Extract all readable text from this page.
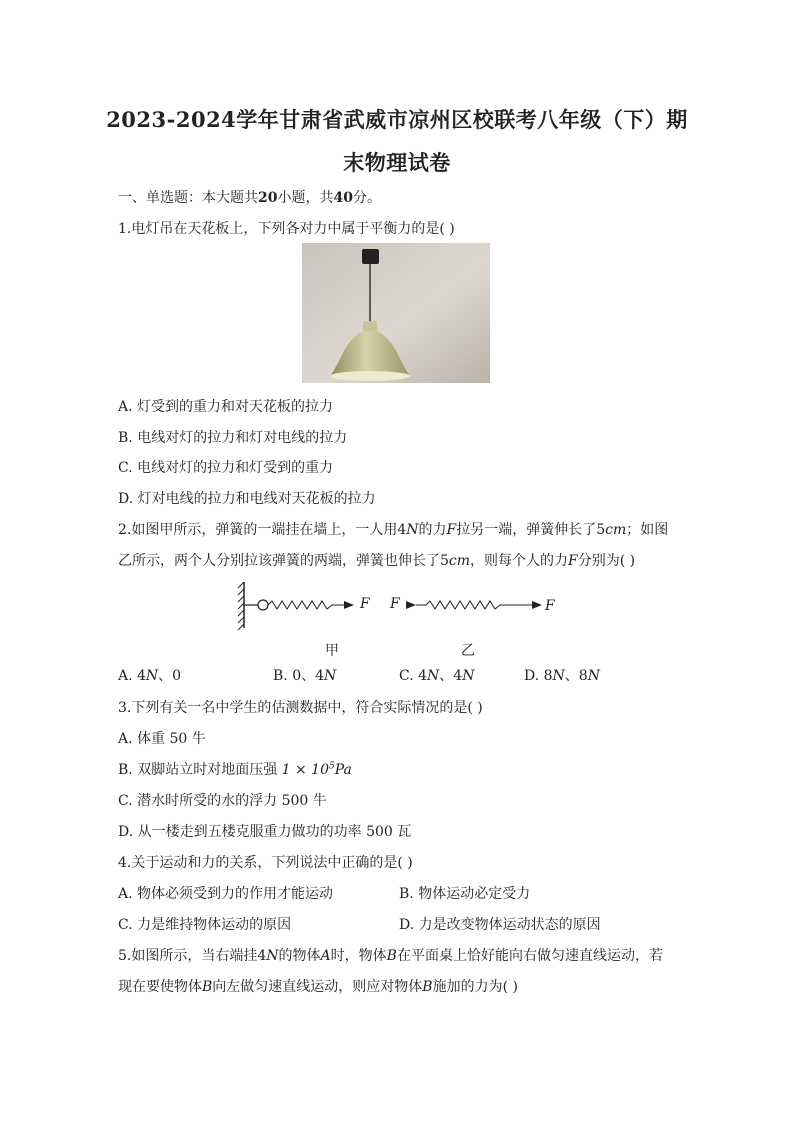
2023-2024学年甘肃省武威市凉州区校联考八年级（下）期
末物理试卷
一、单选题：本大题共20小题，共40分。
1.电灯吊在天花板上，下列各对力中属于平衡力的是( )
A. 灯受到的重力和对天花板的拉力
B. 电线对灯的拉力和灯对电线的拉力
C. 电线对灯的拉力和灯受到的重力
D. 灯对电线的拉力和电线对天花板的拉力
2.如图甲所示，弹簧的一端挂在墙上，一人用4N的力F拉另一端，弹簧伸长了5cm；如图
乙所示，两个人分别拉该弹簧的两端，弹簧也伸长了5cm，则每个人的力F分别为( )
F F	F
甲	乙
A. 4N、0	B. 0、4N	C. 4N、4N	D. 8N、8N
3.下列有关一名中学生的估测数据中，符合实际情况的是( )
A. 体重 50 牛
B. 双脚站立时对地面压强 $1 \times 10^5Pa$
C. 潜水时所受的水的浮力 500 牛
D. 从一楼走到五楼克服重力做功的功率 500 瓦
4.关于运动和力的关系，下列说法中正确的是( )
A. 物体必须受到力的作用才能运动	B. 物体运动必定受力
C. 力是维持物体运动的原因	D. 力是改变物体运动状态的原因
5.如图所示，当右端挂4N的物体A时，物体B在平面桌上恰好能向右做匀速直线运动，若
现在要使物体B向左做匀速直线运动，则应对物体B施加的力为( )
